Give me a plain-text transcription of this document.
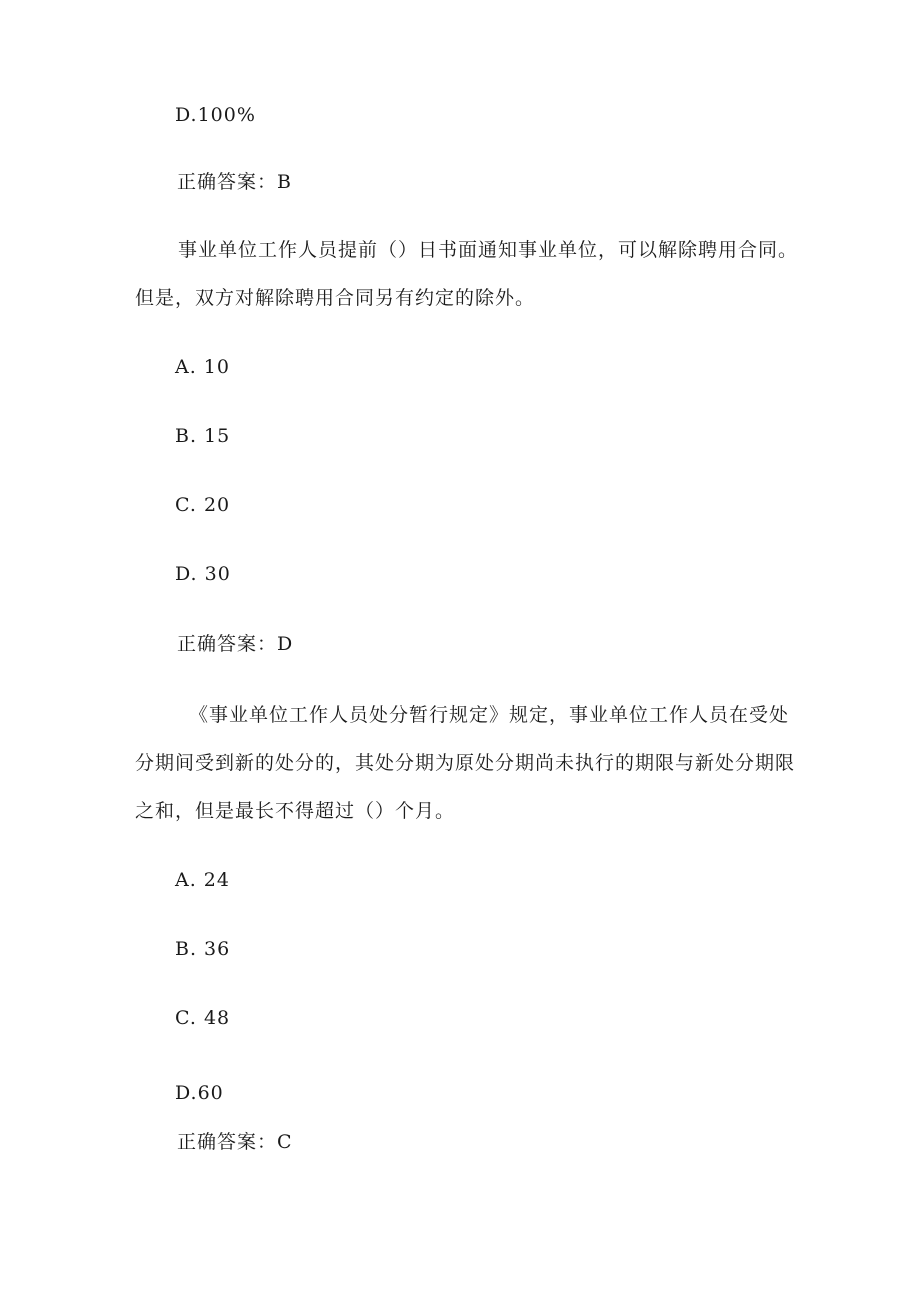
D.100%
正确答案：B
事业单位工作人员提前（）日书面通知事业单位，可以解除聘用合同。
但是，双方对解除聘用合同另有约定的除外。
A. 10
B. 15
C. 20
D. 30
正确答案：D
《事业单位工作人员处分暂行规定》规定，事业单位工作人员在受处
分期间受到新的处分的，其处分期为原处分期尚未执行的期限与新处分期限
之和，但是最长不得超过（）个月。
A. 24
B. 36
C. 48
D.60
正确答案：C
